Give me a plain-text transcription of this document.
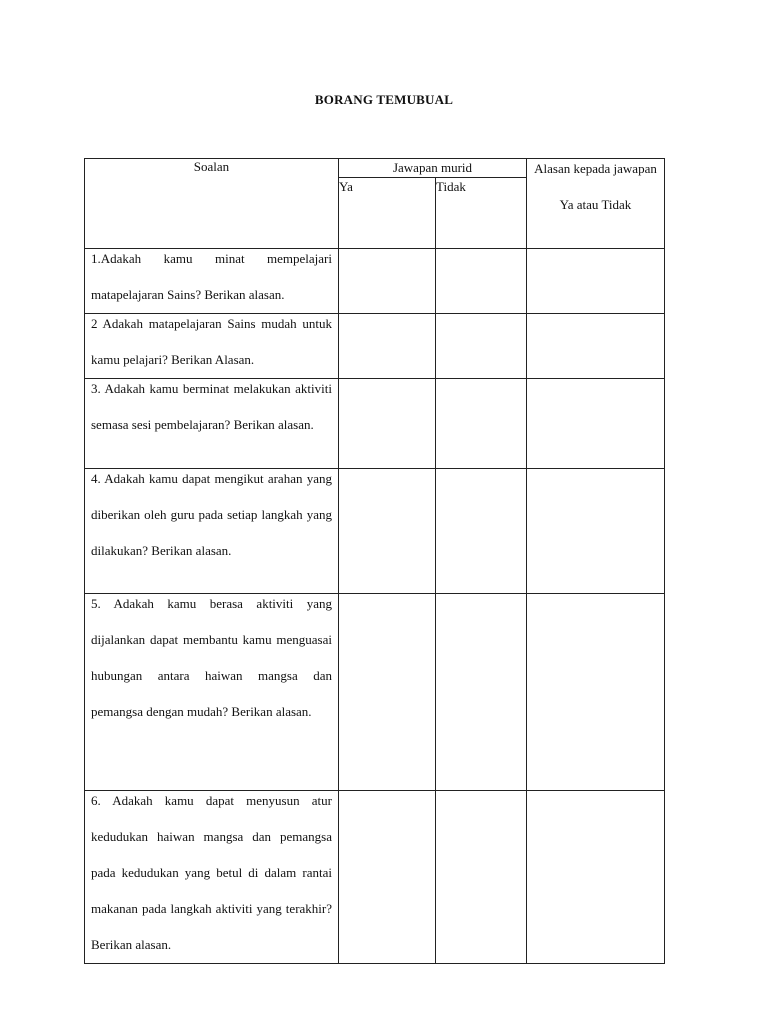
BORANG TEMUBUAL
Soalan	Jawapan murid		Alasan kepada jawapan Ya atau Tidak

	Ya	Tidak	

1.Adakah kamu minat mempelajari matapelajaran Sains? Berikan alasan.			

2 Adakah matapelajaran Sains mudah untuk kamu pelajari? Berikan Alasan.			

3. Adakah kamu berminat melakukan aktiviti semasa sesi pembelajaran? Berikan alasan.			

4. Adakah kamu dapat mengikut arahan yang diberikan oleh guru pada setiap langkah yang dilakukan? Berikan alasan.			

5. Adakah kamu berasa aktiviti yang dijalankan dapat membantu kamu menguasai hubungan antara haiwan mangsa dan pemangsa dengan mudah? Berikan alasan.			

6. Adakah kamu dapat menyusun atur kedudukan haiwan mangsa dan pemangsa pada kedudukan yang betul di dalam rantai makanan pada langkah aktiviti yang terakhir? Berikan alasan.			
